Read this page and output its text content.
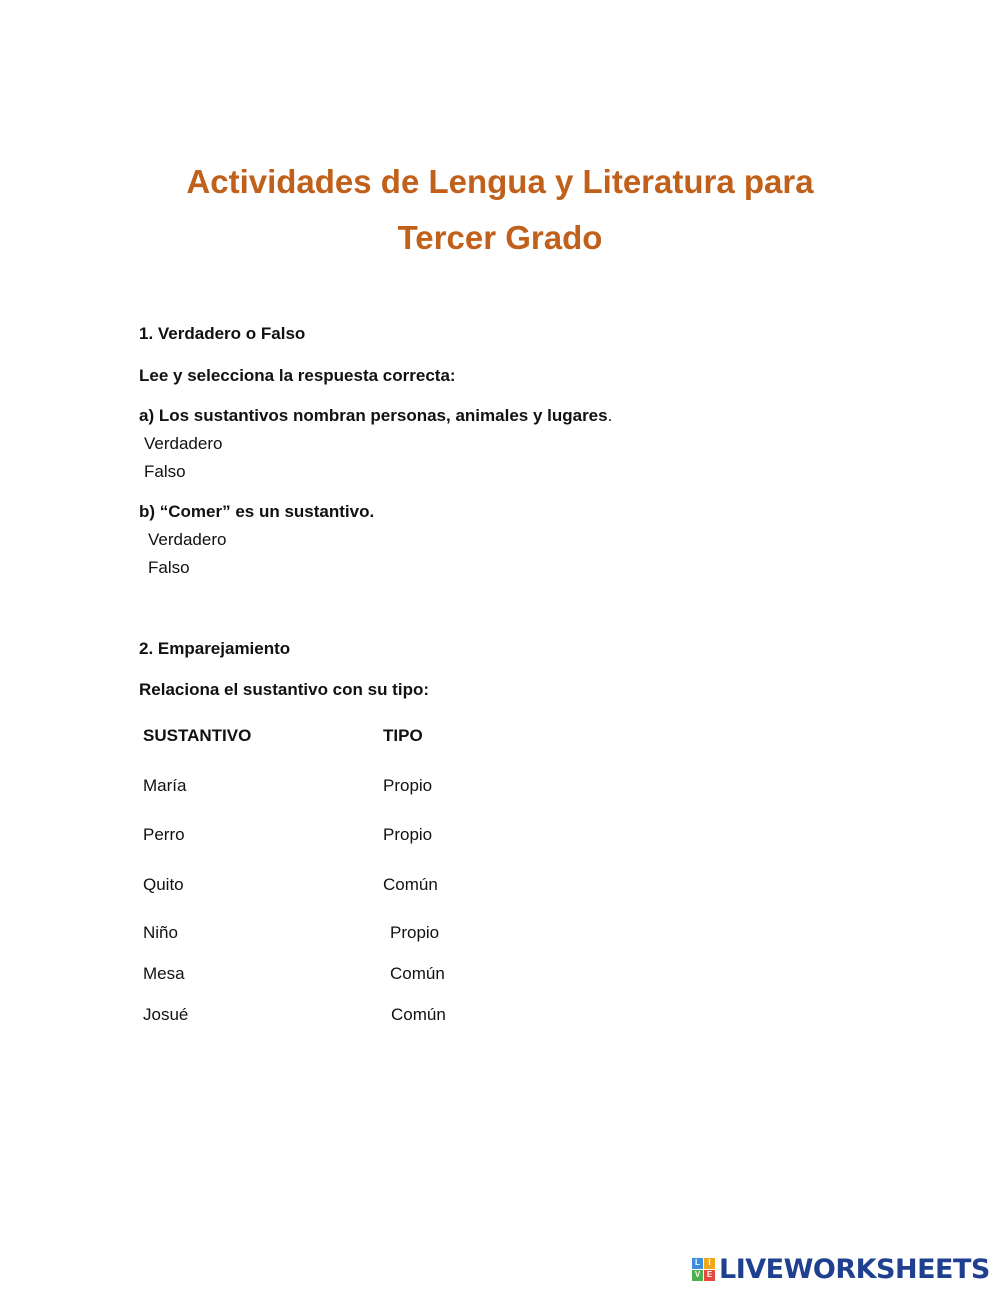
Actividades de Lengua y Literatura para
Tercer Grado
1. Verdadero o Falso
Lee y selecciona la respuesta correcta:
a) Los sustantivos nombran personas, animales y lugares.
Verdadero
Falso
b) “Comer” es un sustantivo.
Verdadero
Falso
2. Emparejamiento
Relaciona el sustantivo con su tipo:
SUSTANTIVO	TIPO
María	Propio
Perro	Propio
Quito	Común
Niño	Propio
Mesa	Común
Josué	Común
L	I
V E LIVEWORKSHEETS
